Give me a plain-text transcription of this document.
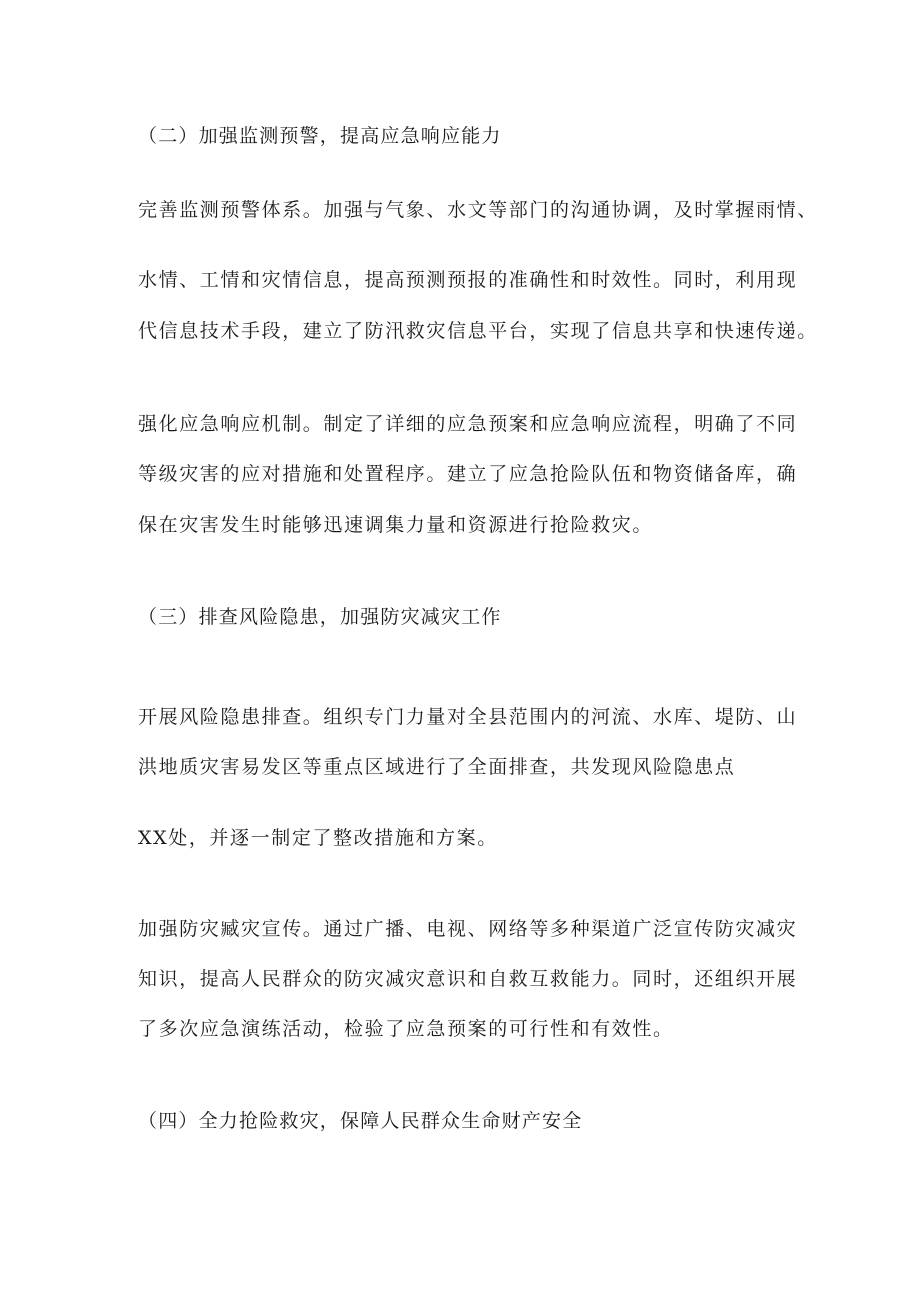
（二）加强监测预警，提高应急响应能力
完善监测预警体系。加强与气象、水文等部门的沟通协调，及时掌握雨情、
水情、工情和灾情信息，提高预测预报的准确性和时效性。同时，利用现
代信息技术手段，建立了防汛救灾信息平台，实现了信息共享和快速传递。
强化应急响应机制。制定了详细的应急预案和应急响应流程，明确了不同
等级灾害的应对措施和处置程序。建立了应急抢险队伍和物资储备库，确
保在灾害发生时能够迅速调集力量和资源进行抢险救灾。
（三）排查风险隐患，加强防灾减灾工作
开展风险隐患排查。组织专门力量对全县范围内的河流、水库、堤防、山
洪地质灾害易发区等重点区域进行了全面排查，共发现风险隐患点
XX处，并逐一制定了整改措施和方案。
加强防灾臧灾宣传。通过广播、电视、网络等多种渠道广泛宣传防灾减灾
知识，提高人民群众的防灾减灾意识和自救互救能力。同时，还组织开展
了多次应急演练活动，检验了应急预案的可行性和有效性。
（四）全力抢险救灾，保障人民群众生命财产安全
